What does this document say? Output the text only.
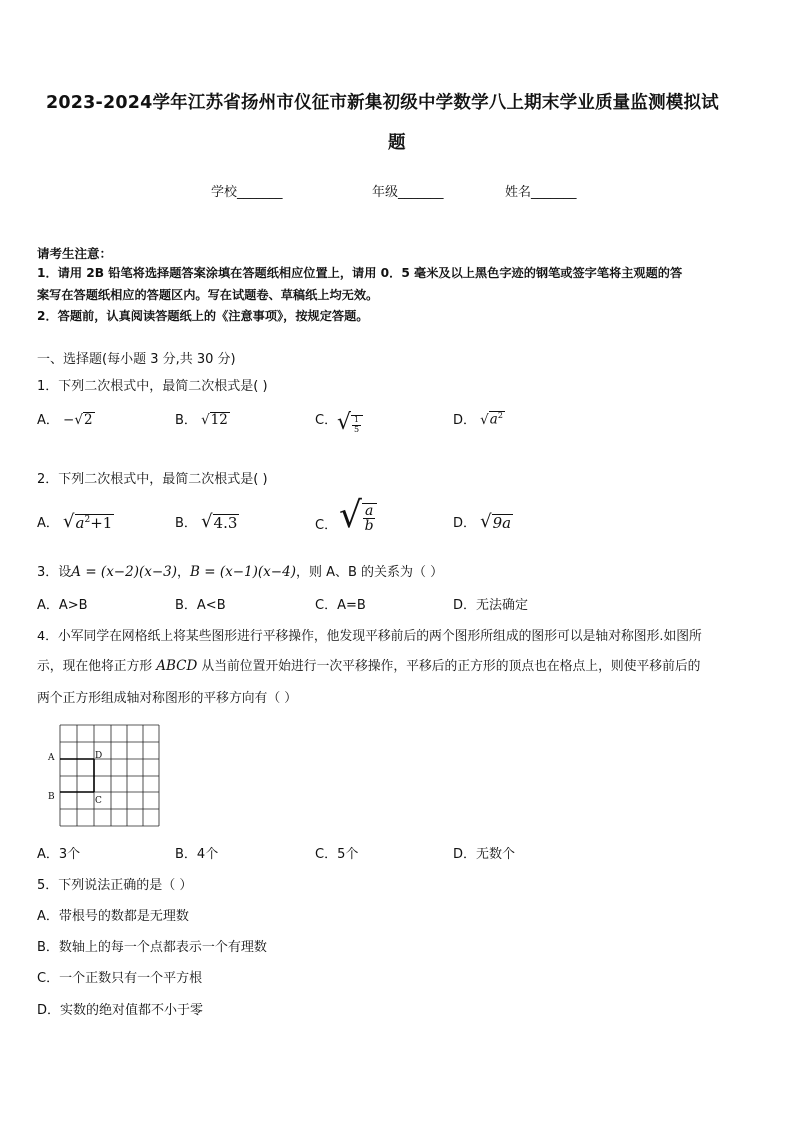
2023-2024学年江苏省扬州市仪征市新集初级中学数学八上期末学业质量监测模拟试
题
学校_______	年级_______	姓名_______
请考生注意：
1．请用 2B 铅笔将选择题答案涂填在答题纸相应位置上，请用 0．5 毫米及以上黑色字迹的钢笔或签字笔将主观题的答
案写在答题纸相应的答题区内。写在试题卷、草稿纸上均无效。
2．答题前，认真阅读答题纸上的《注意事项》，按规定答题。
一、选择题(每小题 3 分,共 30 分)
1．下列二次根式中，最简二次根式是( )
A． − √ 2	B． √ 12	C． √ $\frac{1}{5}$	D． √ $a^2$
2．下列二次根式中，最简二次根式是( )
A． √ $a^2+1$	B． √ 4.3	C． √ $\frac{a}{b}$	D． √ 9a
3．设A = (x−2)(x−3)，B = (x−1)(x−4)，则 A、B 的关系为（ ）
A．A>B	B．A<B	C．A=B	D．无法确定
4．小军同学在网格纸上将某些图形进行平移操作，他发现平移前后的两个图形所组成的图形可以是轴对称图形.如图所
示，现在他将正方形 ABCD 从当前位置开始进行一次平移操作，平移后的正方形的顶点也在格点上，则使平移前后的
两个正方形组成轴对称图形的平移方向有（ ）
A	D
B	C
A．3个	B．4个	C．5个	D．无数个
5．下列说法正确的是（ ）
A．带根号的数都是无理数
B．数轴上的每一个点都表示一个有理数
C．一个正数只有一个平方根
D．实数的绝对值都不小于零
